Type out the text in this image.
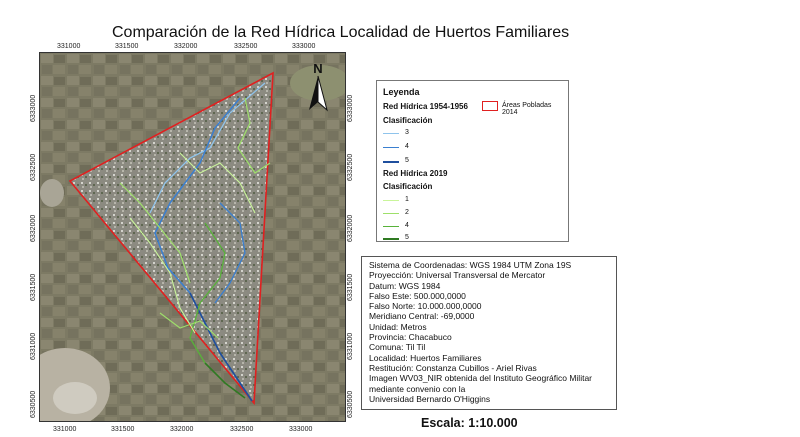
Comparación de la Red Hídrica Localidad de Huertos Familiares
331000	331500	332000	332500	333000
331000	331500	332000	332500	333000
6333000
6332500
6332000
6331500
6331000
6330500
6333000
6332500
6332000
6331500
6331000
6330500
N
Leyenda
Red Hídrica 1954-1956	Áreas Pobladas 2014
Clasificación
3
4
5
Red Hídrica 2019
Clasificación
1
2
4
5
Sistema de Coordenadas: WGS 1984 UTM Zona 19S
Proyección: Universal Transversal de Mercator
Datum: WGS 1984
Falso Este: 500.000,0000
Falso Norte: 10.000.000,0000
Meridiano Central: -69,0000
Unidad: Metros
Provincia: Chacabuco
Comuna: Til Til
Localidad: Huertos Familiares
Restitución: Constanza Cubillos - Ariel Rivas
Imagen WV03_NIR obtenida del Instituto Geográfico Militar
mediante convenio con la
Universidad Bernardo O'Higgins
Escala: 1:10.000
